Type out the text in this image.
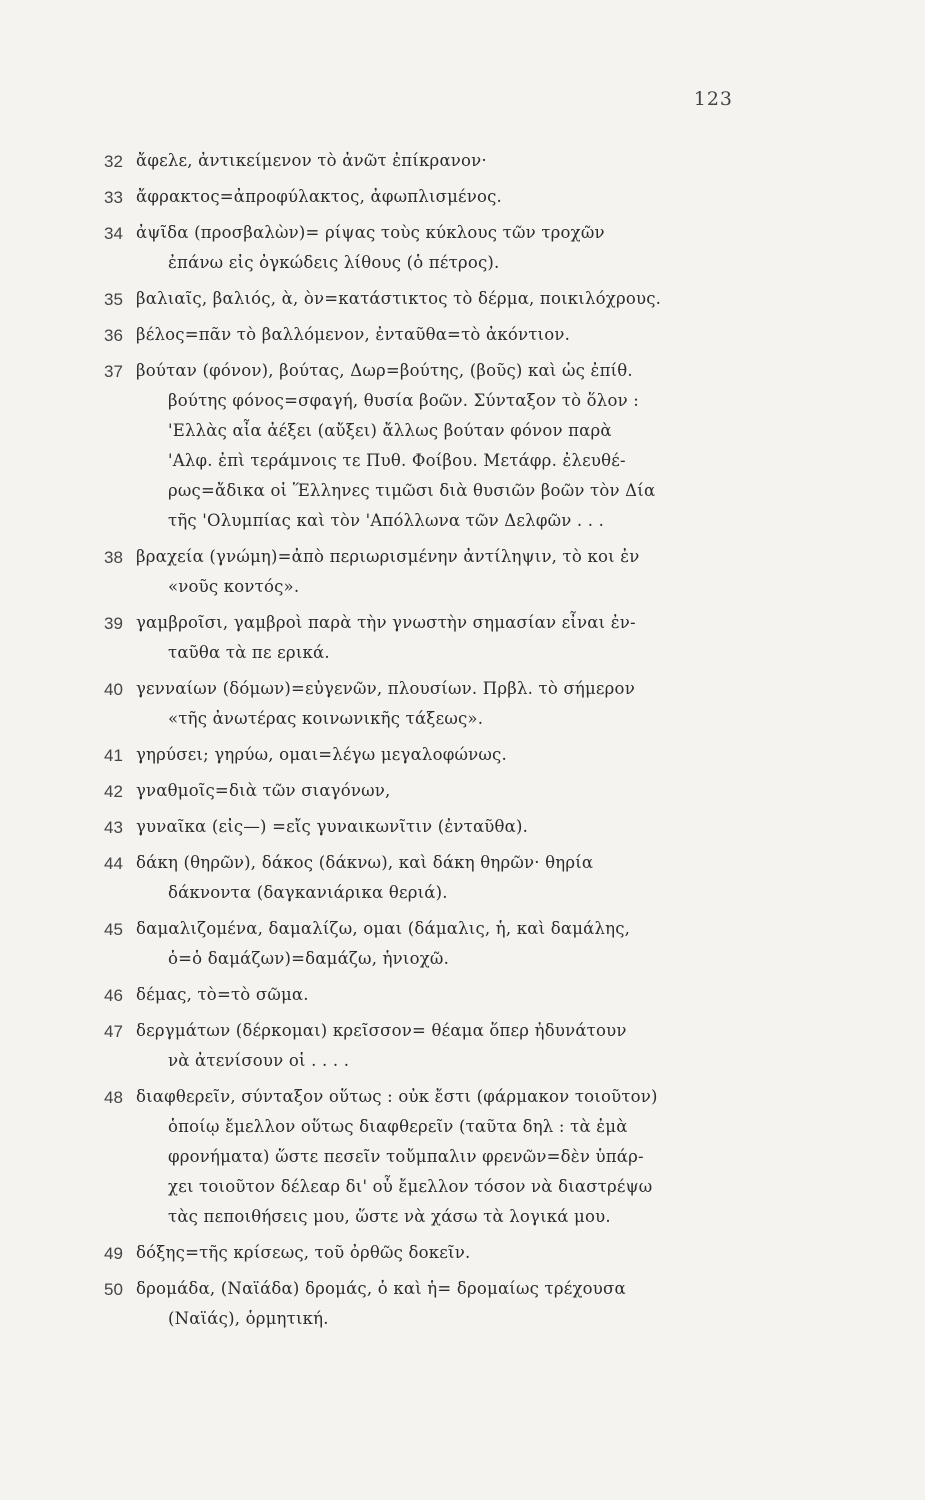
123
32 ἄφελε, ἀντικείμενον τὸ ἀνῶτ ἐπίκρανον·
33 ἄφρακτος=ἀπροφύλακτος, ἀφωπλισμένος.
34 ἀψῖδα (προσβαλὼν)= ρίψας τοὺς κύκλους τῶν τροχῶν
ἐπάνω εἰς ὀγκώδεις λίθους (ὁ πέτρος).
35 βαλιαῖς, βαλιός, ὰ, ὸν=κατάστικτος τὸ δέρμα, ποικιλόχρους.
36 βέλος=πᾶν τὸ βαλλόμενον, ἐνταῦθα=τὸ ἀκόντιον.
37 βούταν (φόνον), βούτας, Δωρ=βούτης, (βοῦς) καὶ ὡς ἐπίθ.
βούτης φόνος=σφαγή, θυσία βοῶν. Σύνταξον τὸ ὅλον :
'Ελλὰς αἶα ἀέξει (αὔξει) ἄλλως βούταν φόνον παρὰ
'Αλφ. ἐπὶ τεράμνοις τε Πυθ. Φοίβου. Μετάφρ. ἐλευθέ-
ρως=ἄδικα οἱ Ἕλληνες τιμῶσι διὰ θυσιῶν βοῶν τὸν Δία
τῆς 'Ολυμπίας καὶ τὸν 'Απόλλωνα τῶν Δελφῶν . . .
38 βραχεία (γνώμη)=ἀπὸ περιωρισμένην ἀντίληψιν, τὸ κοι ἐν
«νοῦς κοντός».
39 γαμβροῖσι, γαμβροὶ παρὰ τὴν γνωστὴν σημασίαν εἶναι ἐν-
ταῦθα τὰ πε ερικά.
40 γενναίων (δόμων)=εὐγενῶν, πλουσίων. Πρβλ. τὸ σήμερον
«τῆς ἀνωτέρας κοινωνικῆς τάξεως».
41 γηρύσει; γηρύω, ομαι=λέγω μεγαλοφώνως.
42 γναθμοῖς=διὰ τῶν σιαγόνων,
43 γυναῖκα (εἰς—) =εἴς γυναικωνῖτιν (ἐνταῦθα).
44 δάκη (θηρῶν), δάκος (δάκνω), καὶ δάκη θηρῶν· θηρία
δάκνοντα (δαγκανιάρικα θεριά).
45 δαμαλιζομένα, δαμαλίζω, ομαι (δάμαλις, ἡ, καὶ δαμάλης,
ὁ=ὁ δαμάζων)=δαμάζω, ἡνιοχῶ.
46 δέμας, τὸ=τὸ σῶμα.
47 δεργμάτων (δέρκομαι) κρεῖσσον= θέαμα ὅπερ ἠδυνάτουν
νὰ ἀτενίσουν οἱ . . . .
48 διαφθερεῖν, σύνταξον οὕτως : οὐκ ἔστι (φάρμακον τοιοῦτον)
ὁποίῳ ἔμελλον οὕτως διαφθερεῖν (ταῦτα δηλ : τὰ ἐμὰ
φρονήματα) ὥστε πεσεῖν τοὔμπαλιν φρενῶν=δὲν ὑπάρ-
χει τοιοῦτον δέλεαρ δι' οὗ ἔμελλον τόσον νὰ διαστρέψω
τὰς πεποιθήσεις μου, ὥστε νὰ χάσω τὰ λογικά μου.
49 δόξης=τῆς κρίσεως, τοῦ ὀρθῶς δοκεῖν.
50 δρομάδα, (Ναϊάδα) δρομάς, ὁ καὶ ἡ= δρομαίως τρέχουσα
(Ναϊάς), ὁρμητική.
